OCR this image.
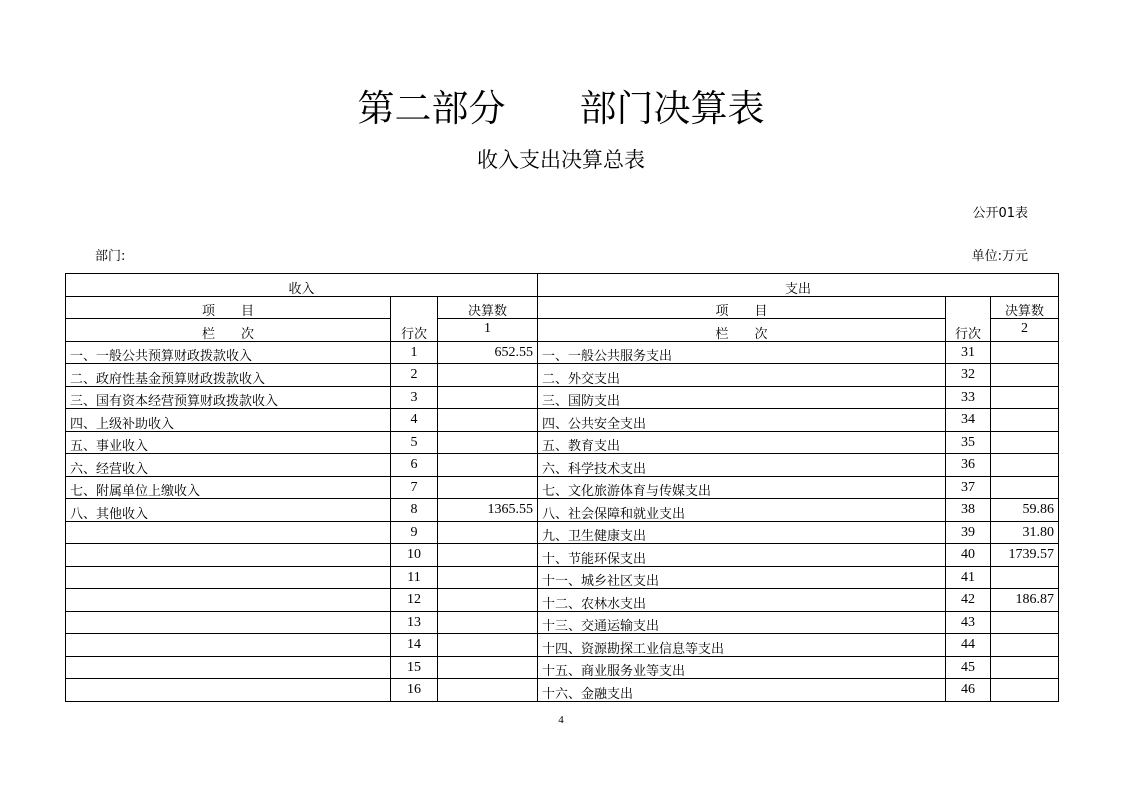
第二部分　　部门决算表
收入支出决算总表
公开01表
部门:	单位:万元
收入			支出		
项　　目	行次	决算数	项　　目	行次	决算数
栏　　次		1	栏　　次		2
一、一般公共预算财政拨款收入	1	652.55	一、一般公共服务支出	31	
二、政府性基金预算财政拨款收入	2		二、外交支出	32	
三、国有资本经营预算财政拨款收入	3		三、国防支出	33	
四、上级补助收入	4		四、公共安全支出	34	
五、事业收入	5		五、教育支出	35	
六、经营收入	6		六、科学技术支出	36	
七、附属单位上缴收入	7		七、文化旅游体育与传媒支出	37	
八、其他收入	8	1365.55	八、社会保障和就业支出	38	59.86
	9		九、卫生健康支出	39	31.80
	10		十、节能环保支出	40	1739.57
	11		十一、城乡社区支出	41	
	12		十二、农林水支出	42	186.87
	13		十三、交通运输支出	43	
	14		十四、资源勘探工业信息等支出	44	
	15		十五、商业服务业等支出	45	
	16		十六、金融支出	46	
4
